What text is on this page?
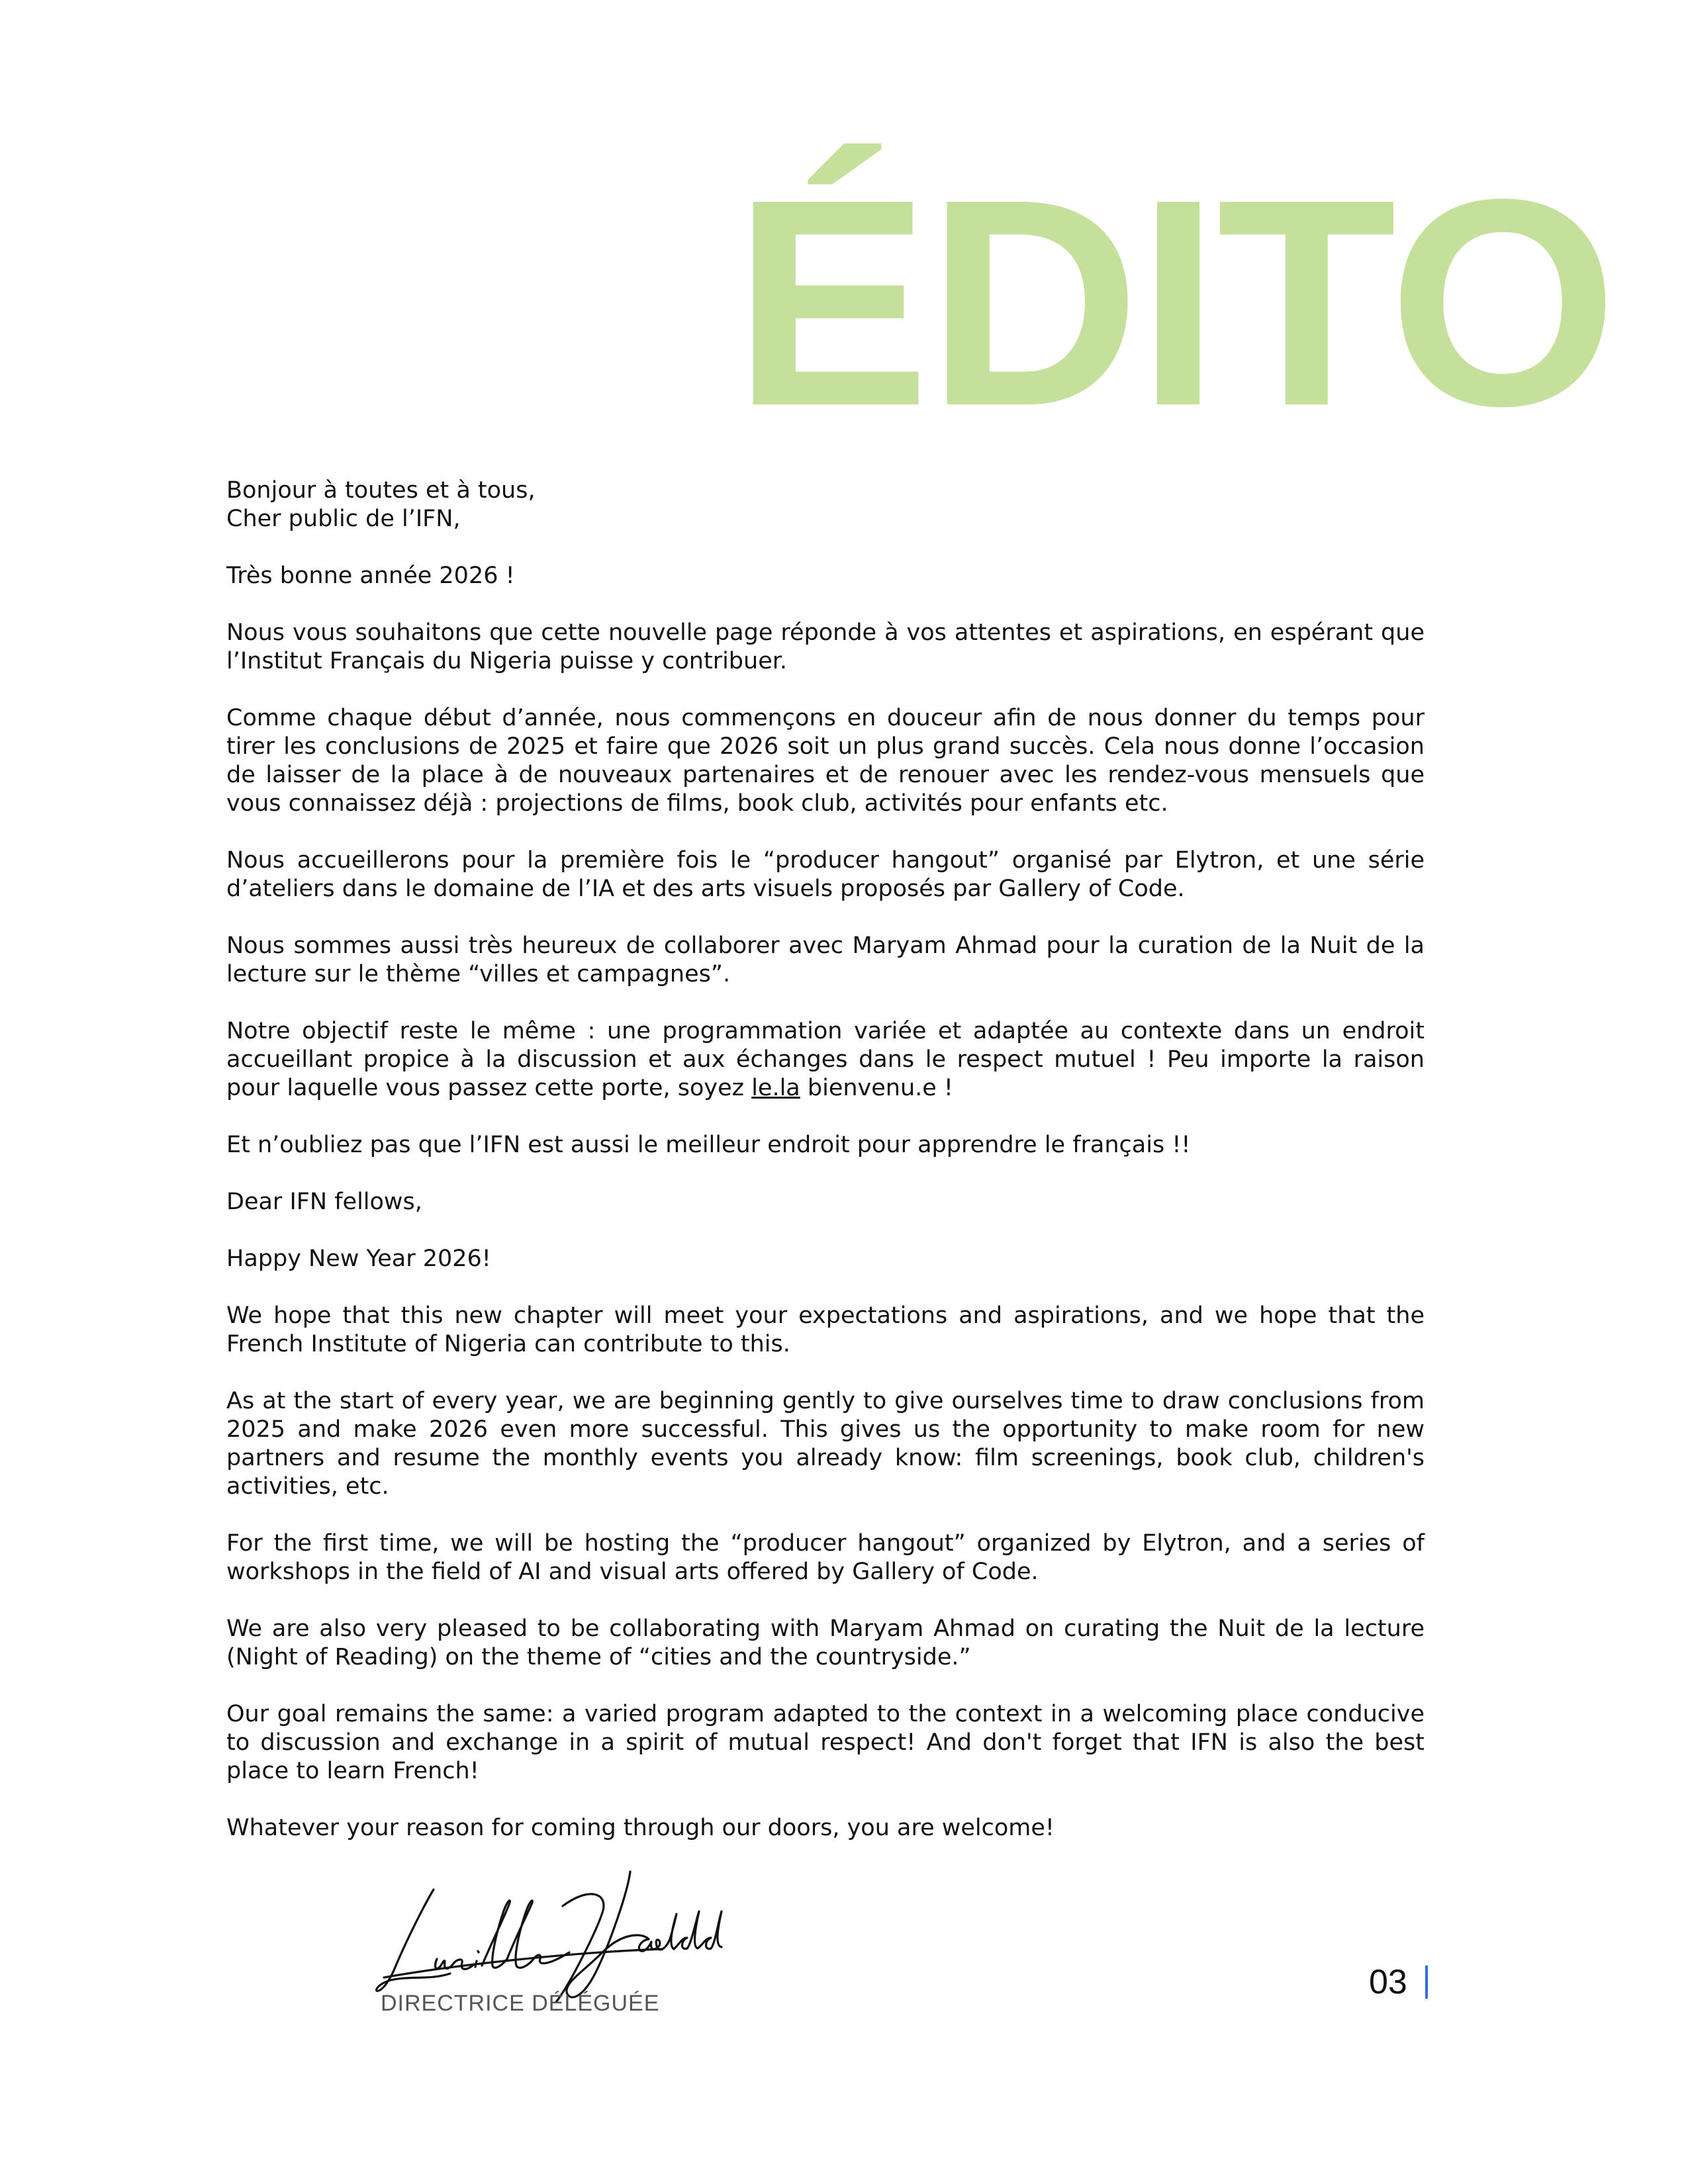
ÉDITO

Bonjour à toutes et à tous,

Cher public de l’IFN,

Très bonne année 2026 !

Nous vous souhaitons que cette nouvelle page réponde à vos attentes et aspirations, en espérant que l’Institut Français du Nigeria puisse y contribuer.

Comme chaque début d’année, nous commençons en douceur afin de nous donner du temps pour tirer les conclusions de 2025 et faire que 2026 soit un plus grand succès. Cela nous donne l’occasion de laisser de la place à de nouveaux partenaires et de renouer avec les rendez-vous mensuels que vous connaissez déjà : projections de films, book club, activités pour enfants etc.

Nous accueillerons pour la première fois le “producer hangout” organisé par Elytron, et une série d’ateliers dans le domaine de l’IA et des arts visuels proposés par Gallery of Code.

Nous sommes aussi très heureux de collaborer avec Maryam Ahmad pour la curation de la Nuit de la lecture sur le thème “villes et campagnes”.

Notre objectif reste le même : une programmation variée et adaptée au contexte dans un endroit accueillant propice à la discussion et aux échanges dans le respect mutuel ! Peu importe la raison pour laquelle vous passez cette porte, soyez le.la bienvenu.e !

Et n’oubliez pas que l’IFN est aussi le meilleur endroit pour apprendre le français !!

Dear IFN fellows,

Happy New Year 2026!

We hope that this new chapter will meet your expectations and aspirations, and we hope that the French Institute of Nigeria can contribute to this.

As at the start of every year, we are beginning gently to give ourselves time to draw conclusions from 2025 and make 2026 even more successful. This gives us the opportunity to make room for new partners and resume the monthly events you already know: film screenings, book club, children's activities, etc.

For the first time, we will be hosting the “producer hangout” organized by Elytron, and a series of workshops in the field of AI and visual arts offered by Gallery of Code.

We are also very pleased to be collaborating with Maryam Ahmad on curating the Nuit de la lecture (Night of Reading) on the theme of “cities and the countryside.”

Our goal remains the same: a varied program adapted to the context in a welcoming place conducive to discussion and exchange in a spirit of mutual respect! And don't forget that IFN is also the best place to learn French!

Whatever your reason for coming through our doors, you are welcome!

DIRECTRICE DÉLÉGUÉE
03
